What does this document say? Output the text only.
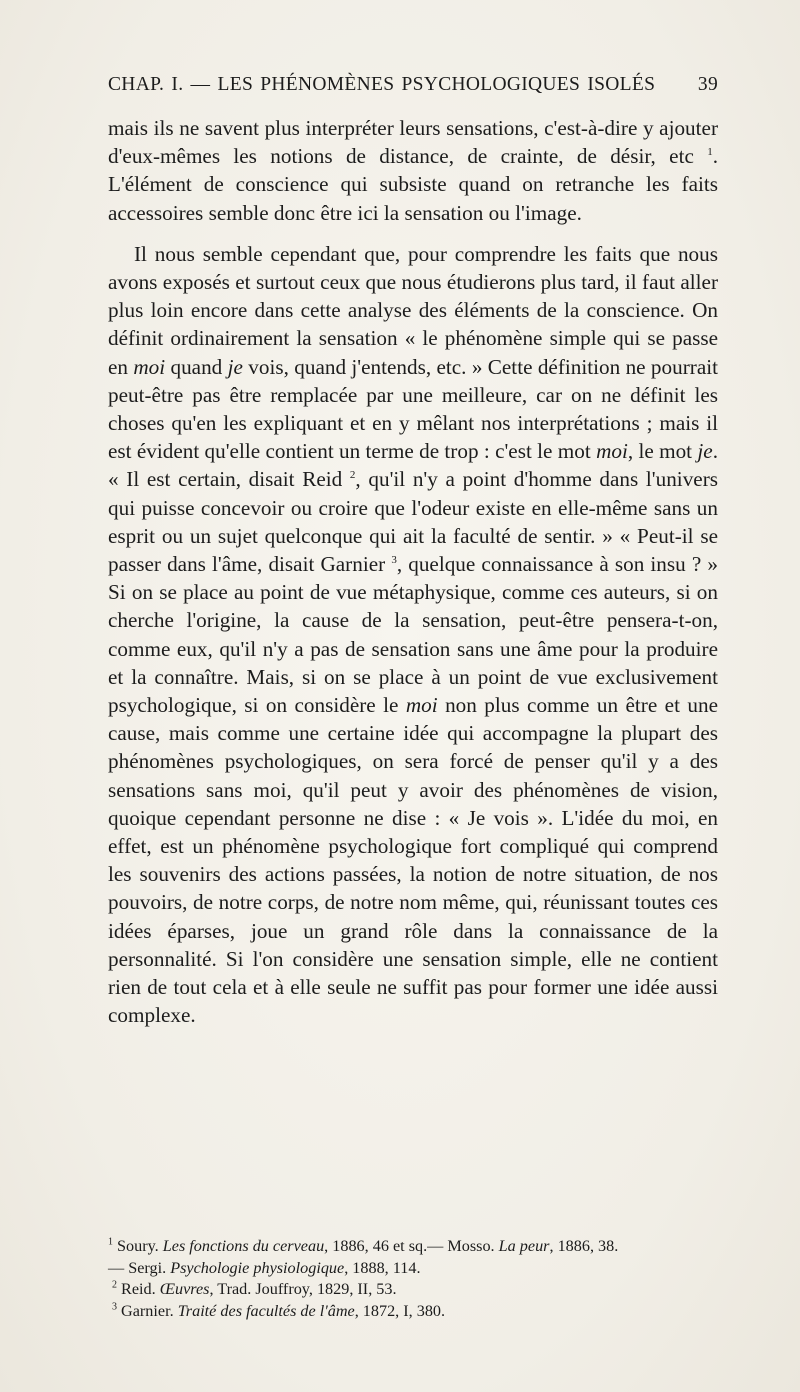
CHAP. I. — LES PHÉNOMÈNES PSYCHOLOGIQUES ISOLÉS 39

mais ils ne savent plus interpréter leurs sensations, c'est-à-dire y ajouter d'eux-mêmes les notions de distance, de crainte, de désir, etc $^1$. L'élément de conscience qui subsiste quand on retranche les faits accessoires semble donc être ici la sensation ou l'image.

Il nous semble cependant que, pour comprendre les faits que nous avons exposés et surtout ceux que nous étudierons plus tard, il faut aller plus loin encore dans cette analyse des éléments de la conscience. On définit ordinairement la sensation « le phénomène simple qui se passe en moi quand je vois, quand j'entends, etc. » Cette définition ne pourrait peut-être pas être remplacée par une meilleure, car on ne définit les choses qu'en les expliquant et en y mêlant nos interprétations ; mais il est évident qu'elle contient un terme de trop : c'est le mot moi, le mot je. « Il est certain, disait Reid $^2$, qu'il n'y a point d'homme dans l'univers qui puisse concevoir ou croire que l'odeur existe en elle-même sans un esprit ou un sujet quelconque qui ait la faculté de sentir. » « Peut-il se passer dans l'âme, disait Garnier $^3$, quelque connaissance à son insu ? » Si on se place au point de vue métaphysique, comme ces auteurs, si on cherche l'origine, la cause de la sensation, peut-être pensera-t-on, comme eux, qu'il n'y a pas de sensation sans une âme pour la produire et la connaître. Mais, si on se place à un point de vue exclusivement psychologique, si on considère le moi non plus comme un être et une cause, mais comme une certaine idée qui accompagne la plupart des phénomènes psychologiques, on sera forcé de penser qu'il y a des sensations sans moi, qu'il peut y avoir des phénomènes de vision, quoique cependant personne ne dise : « Je vois ». L'idée du moi, en effet, est un phénomène psychologique fort compliqué qui comprend les souvenirs des actions passées, la notion de notre situation, de nos pouvoirs, de notre corps, de notre nom même, qui, réunissant toutes ces idées éparses, joue un grand rôle dans la connaissance de la personnalité. Si l'on considère une sensation simple, elle ne contient rien de tout cela et à elle seule ne suffit pas pour former une idée aussi complexe.

$^1$ Soury. Les fonctions du cerveau, 1886, 46 et sq.— Mosso. La peur, 1886, 38.
— Sergi. Psychologie physiologique, 1888, 114.
$^2$ Reid. Œuvres, Trad. Jouffroy, 1829, II, 53.
$^3$ Garnier. Traité des facultés de l'âme, 1872, I, 380.
